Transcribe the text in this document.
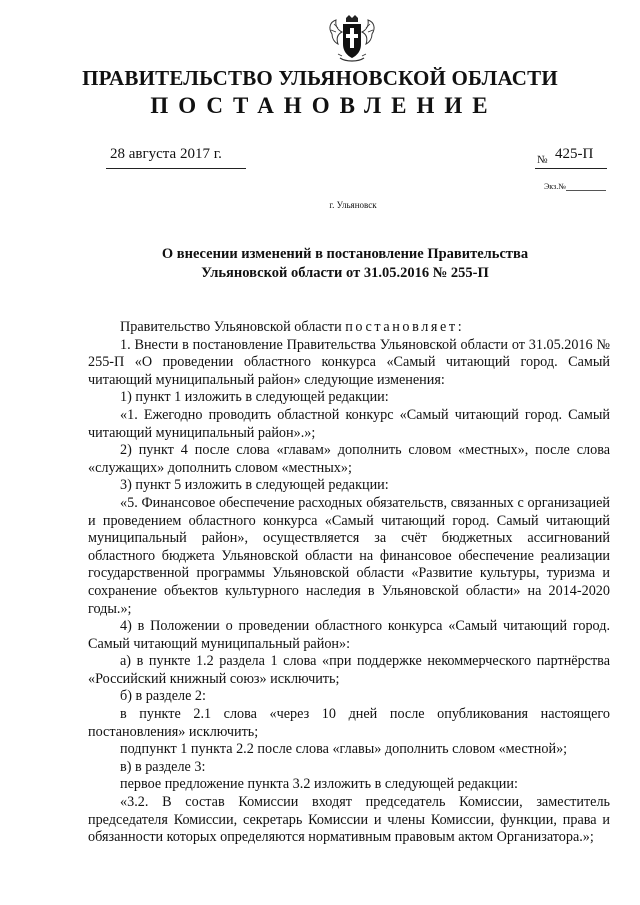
ПРАВИТЕЛЬСТВО УЛЬЯНОВСКОЙ ОБЛАСТИ
ПОСТАНОВЛЕНИЕ
28 августа 2017 г.	№ 425-П
Экз.№
г. Ульяновск
О внесении изменений в постановление Правительства
Ульяновской области от 31.05.2016 № 255-П

Правительство Ульяновской области постановляет:

1. Внести в постановление Правительства Ульяновской области от 31.05.2016 № 255-П «О проведении областного конкурса «Самый читающий город. Самый читающий муниципальный район» следующие изменения:

1) пункт 1 изложить в следующей редакции:

«1. Ежегодно проводить областной конкурс «Самый читающий город. Самый читающий муниципальный район».»;

2) пункт 4 после слова «главам» дополнить словом «местных», после слова «служащих» дополнить словом «местных»;

3) пункт 5 изложить в следующей редакции:

«5. Финансовое обеспечение расходных обязательств, связанных с организацией и проведением областного конкурса «Самый читающий город. Самый читающий муниципальный район», осуществляется за счёт бюджетных ассигнований областного бюджета Ульяновской области на финансовое обеспечение реализации государственной программы Ульяновской области «Развитие культуры, туризма и сохранение объектов культурного наследия в Ульяновской области» на 2014-2020 годы.»;

4) в Положении о проведении областного конкурса «Самый читающий город. Самый читающий муниципальный район»:

а) в пункте 1.2 раздела 1 слова «при поддержке некоммерческого партнёрства «Российский книжный союз» исключить;

б) в разделе 2:

в пункте 2.1 слова «через 10 дней после опубликования настоящего постановления» исключить;

подпункт 1 пункта 2.2 после слова «главы» дополнить словом «местной»;

в) в разделе 3:

первое предложение пункта 3.2 изложить в следующей редакции:

«3.2. В состав Комиссии входят председатель Комиссии, заместитель председателя Комиссии, секретарь Комиссии и члены Комиссии, функции, права и обязанности которых определяются нормативным правовым актом Организатора.»;
